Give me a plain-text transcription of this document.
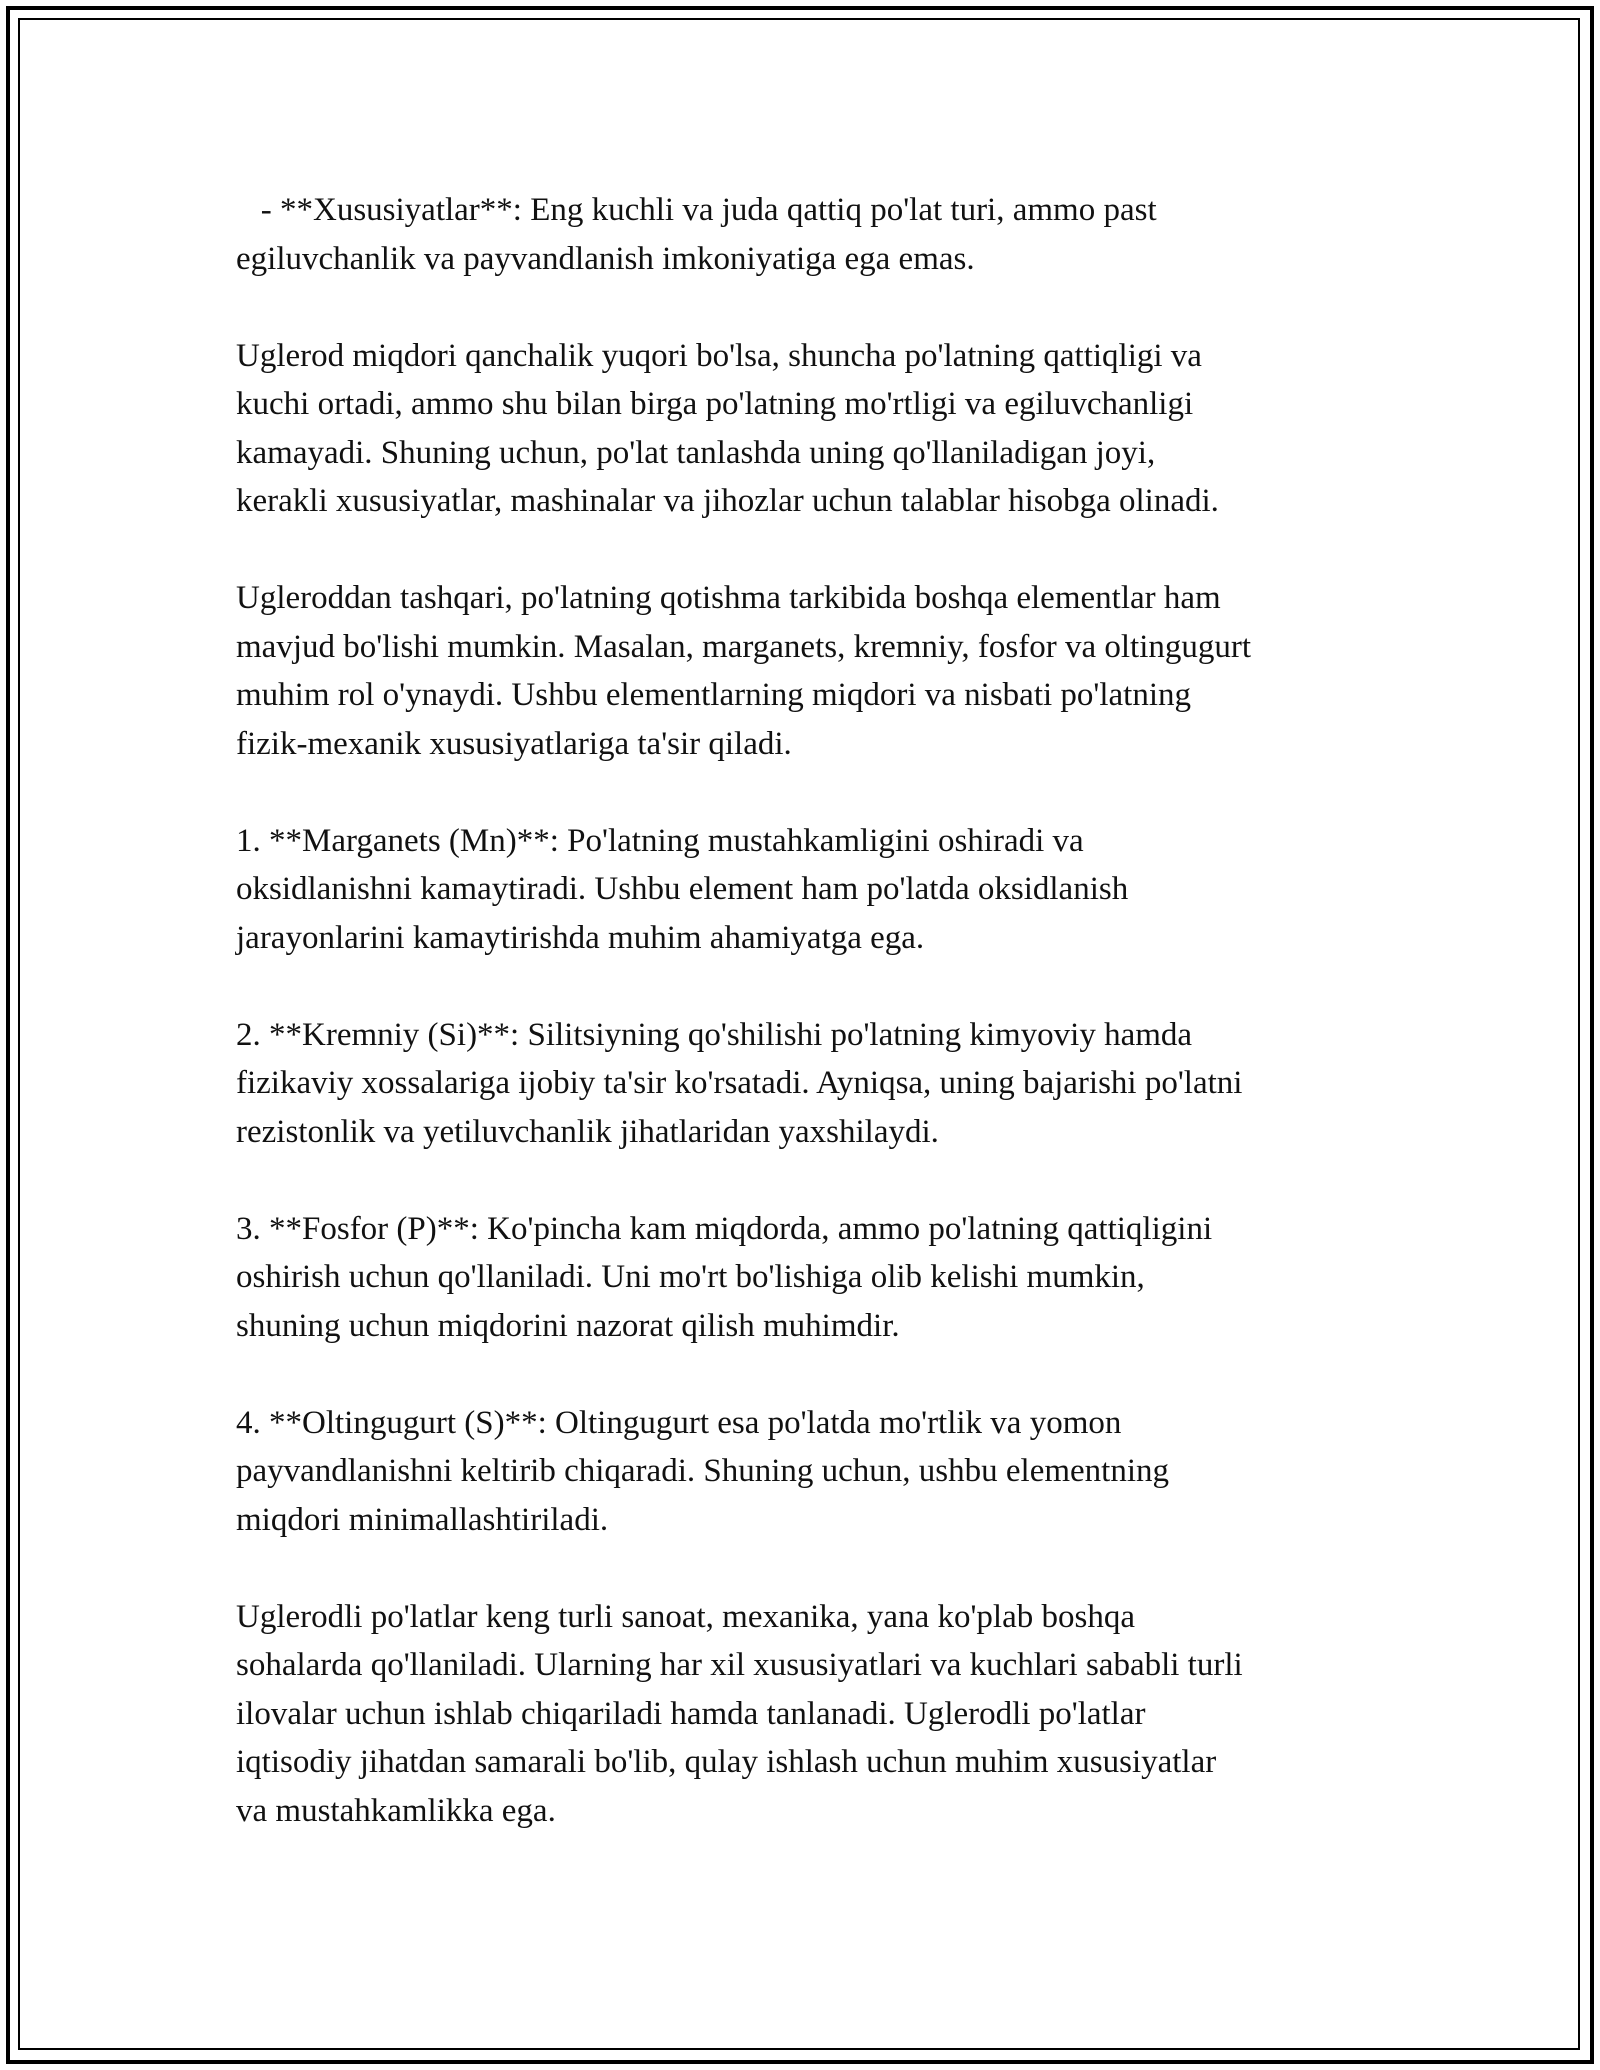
- **Xususiyatlar**: Eng kuchli va juda qattiq po'lat turi, ammo past
egiluvchanlik va payvandlanish imkoniyatiga ega emas.

Uglerod miqdori qanchalik yuqori bo'lsa, shuncha po'latning qattiqligi va
kuchi ortadi, ammo shu bilan birga po'latning mo'rtligi va egiluvchanligi
kamayadi. Shuning uchun, po'lat tanlashda uning qo'llaniladigan joyi,
kerakli xususiyatlar, mashinalar va jihozlar uchun talablar hisobga olinadi.

Ugleroddan tashqari, po'latning qotishma tarkibida boshqa elementlar ham
mavjud bo'lishi mumkin. Masalan, marganets, kremniy, fosfor va oltingugurt
muhim rol o'ynaydi. Ushbu elementlarning miqdori va nisbati po'latning
fizik-mexanik xususiyatlariga ta'sir qiladi.

1. **Marganets (Mn)**: Po'latning mustahkamligini oshiradi va
oksidlanishni kamaytiradi. Ushbu element ham po'latda oksidlanish
jarayonlarini kamaytirishda muhim ahamiyatga ega.

2. **Kremniy (Si)**: Silitsiyning qo'shilishi po'latning kimyoviy hamda
fizikaviy xossalariga ijobiy ta'sir ko'rsatadi. Ayniqsa, uning bajarishi po'latni
rezistonlik va yetiluvchanlik jihatlaridan yaxshilaydi.

3. **Fosfor (P)**: Ko'pincha kam miqdorda, ammo po'latning qattiqligini
oshirish uchun qo'llaniladi. Uni mo'rt bo'lishiga olib kelishi mumkin,
shuning uchun miqdorini nazorat qilish muhimdir.

4. **Oltingugurt (S)**: Oltingugurt esa po'latda mo'rtlik va yomon
payvandlanishni keltirib chiqaradi. Shuning uchun, ushbu elementning
miqdori minimallashtiriladi.

Uglerodli po'latlar keng turli sanoat, mexanika, yana ko'plab boshqa
sohalarda qo'llaniladi. Ularning har xil xususiyatlari va kuchlari sababli turli
ilovalar uchun ishlab chiqariladi hamda tanlanadi. Uglerodli po'latlar
iqtisodiy jihatdan samarali bo'lib, qulay ishlash uchun muhim xususiyatlar
va mustahkamlikka ega.
